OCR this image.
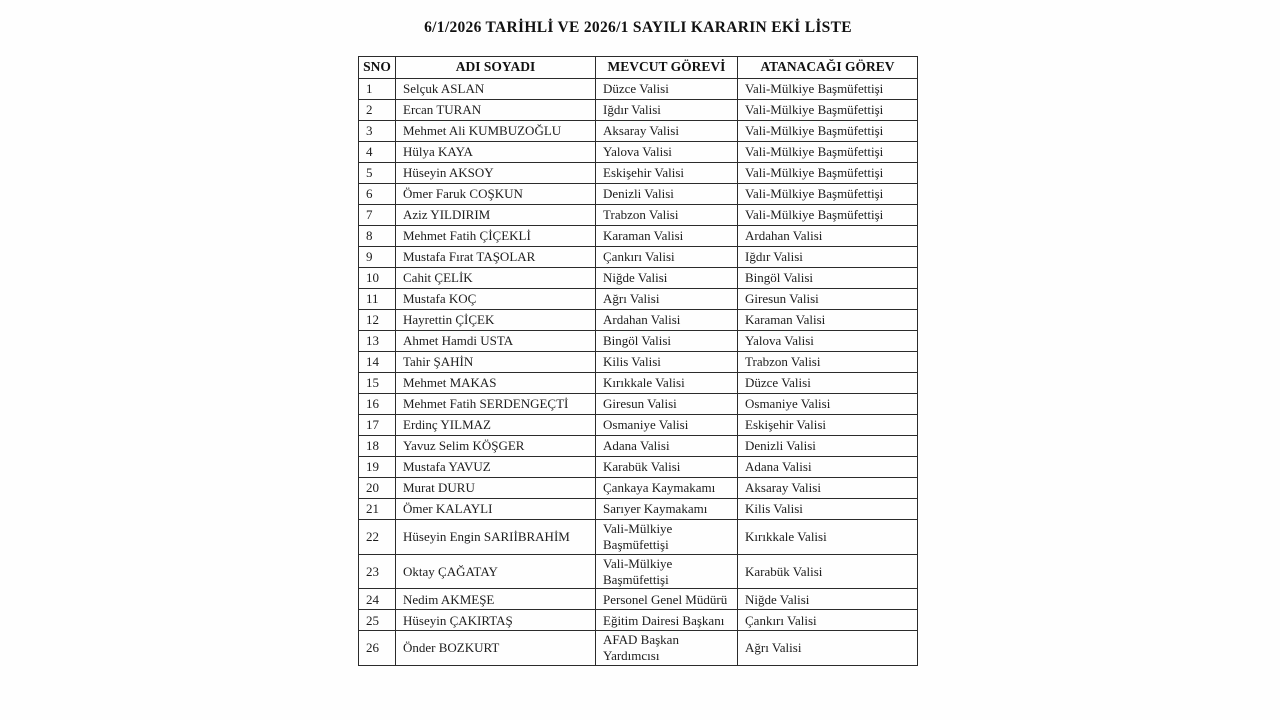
6/1/2026 TARİHLİ VE 2026/1 SAYILI KARARIN EKİ LİSTE
SNO	ADI SOYADI	MEVCUT GÖREVİ	ATANACAĞI GÖREV
1	Selçuk ASLAN	Düzce Valisi	Vali-Mülkiye Başmüfettişi
2	Ercan TURAN	Iğdır Valisi	Vali-Mülkiye Başmüfettişi
3	Mehmet Ali KUMBUZOĞLU	Aksaray Valisi	Vali-Mülkiye Başmüfettişi
4	Hülya KAYA	Yalova Valisi	Vali-Mülkiye Başmüfettişi
5	Hüseyin AKSOY	Eskişehir Valisi	Vali-Mülkiye Başmüfettişi
6	Ömer Faruk COŞKUN	Denizli Valisi	Vali-Mülkiye Başmüfettişi
7	Aziz YILDIRIM	Trabzon Valisi	Vali-Mülkiye Başmüfettişi
8	Mehmet Fatih ÇİÇEKLİ	Karaman Valisi	Ardahan Valisi
9	Mustafa Fırat TAŞOLAR	Çankırı Valisi	Iğdır Valisi
10	Cahit ÇELİK	Niğde Valisi	Bingöl Valisi
11	Mustafa KOÇ	Ağrı Valisi	Giresun Valisi
12	Hayrettin ÇİÇEK	Ardahan Valisi	Karaman Valisi
13	Ahmet Hamdi USTA	Bingöl Valisi	Yalova Valisi
14	Tahir ŞAHİN	Kilis Valisi	Trabzon Valisi
15	Mehmet MAKAS	Kırıkkale Valisi	Düzce Valisi
16	Mehmet Fatih SERDENGEÇTİ	Giresun Valisi	Osmaniye Valisi
17	Erdinç YILMAZ	Osmaniye Valisi	Eskişehir Valisi
18	Yavuz Selim KÖŞGER	Adana Valisi	Denizli Valisi
19	Mustafa YAVUZ	Karabük Valisi	Adana Valisi
20	Murat DURU	Çankaya Kaymakamı	Aksaray Valisi
21	Ömer KALAYLI	Sarıyer Kaymakamı	Kilis Valisi
22	Hüseyin Engin SARIİBRAHİM	Vali-Mülkiye Başmüfettişi	Kırıkkale Valisi
23	Oktay ÇAĞATAY	Vali-Mülkiye Başmüfettişi	Karabük Valisi
24	Nedim AKMEŞE	Personel Genel Müdürü	Niğde Valisi
25	Hüseyin ÇAKIRTAŞ	Eğitim Dairesi Başkanı	Çankırı Valisi
26	Önder BOZKURT	AFAD Başkan Yardımcısı	Ağrı Valisi
